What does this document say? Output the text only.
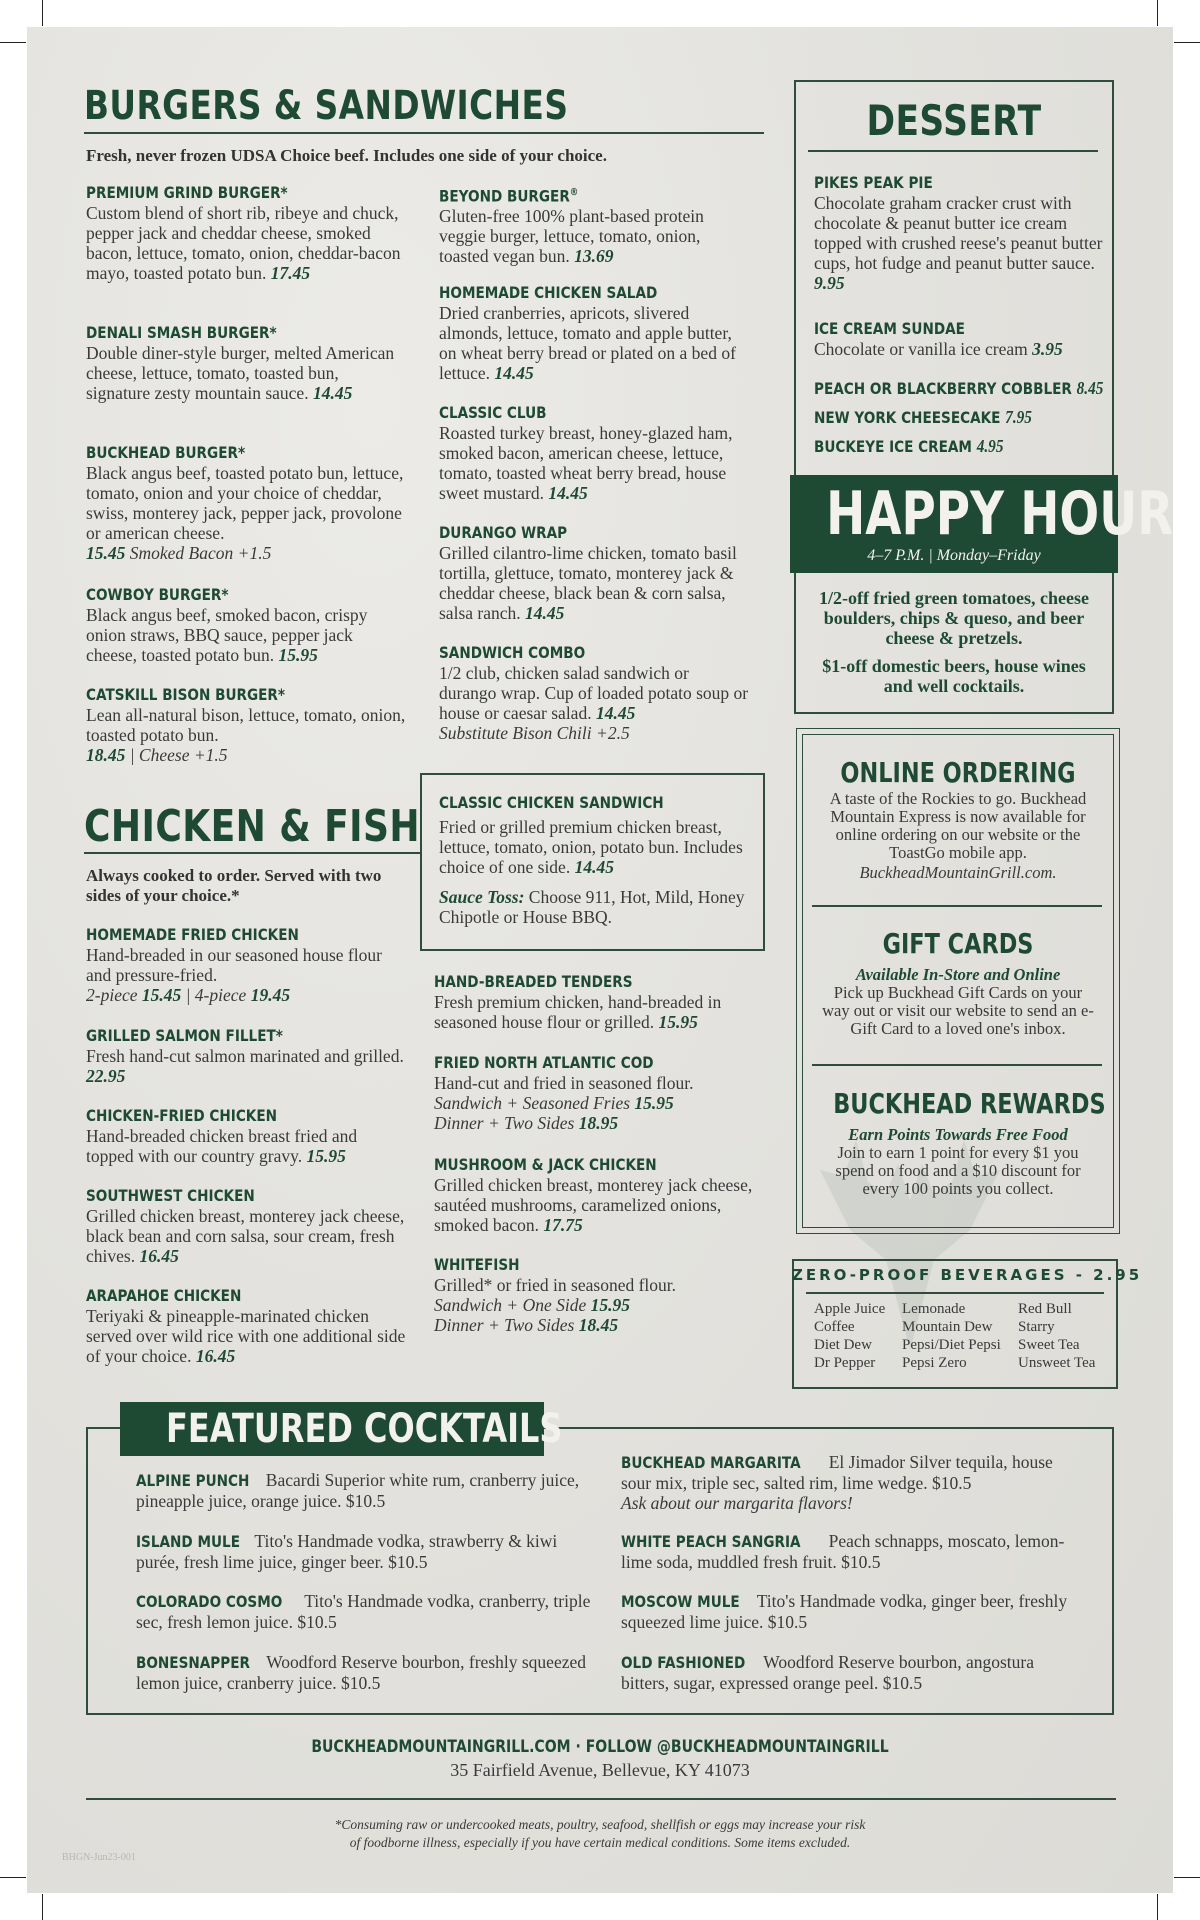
BURGERS & SANDWICHES
Fresh, never frozen UDSA Choice beef. Includes one side of your choice.
PREMIUM GRIND BURGER*
Custom blend of short rib, ribeye and chuck, pepper jack and cheddar cheese, smoked bacon, lettuce, tomato, onion, cheddar-bacon mayo, toasted potato bun. 17.45
DENALI SMASH BURGER*
Double diner-style burger, melted American cheese, lettuce, tomato, toasted bun, signature zesty mountain sauce. 14.45
BUCKHEAD BURGER*
Black angus beef, toasted potato bun, lettuce, tomato, onion and your choice of cheddar, swiss, monterey jack, pepper jack, provolone or american cheese.
15.45 Smoked Bacon +1.5
COWBOY BURGER*
Black angus beef, smoked bacon, crispy onion straws, BBQ sauce, pepper jack cheese, toasted potato bun. 15.95
CATSKILL BISON BURGER*
Lean all-natural bison, lettuce, tomato, onion, toasted potato bun.
18.45 | Cheese +1.5
BEYOND BURGER®
Gluten-free 100% plant-based protein veggie burger, lettuce, tomato, onion, toasted vegan bun. 13.69
HOMEMADE CHICKEN SALAD
Dried cranberries, apricots, slivered almonds, lettuce, tomato and apple butter, on wheat berry bread or plated on a bed of lettuce. 14.45
CLASSIC CLUB
Roasted turkey breast, honey-glazed ham, smoked bacon, american cheese, lettuce, tomato, toasted wheat berry bread, house sweet mustard. 14.45
DURANGO WRAP
Grilled cilantro-lime chicken, tomato basil tortilla, glettuce, tomato, monterey jack & cheddar cheese, black bean & corn salsa, salsa ranch. 14.45
SANDWICH COMBO
1/2 club, chicken salad sandwich or durango wrap. Cup of loaded potato soup or house or caesar salad. 14.45
Substitute Bison Chili +2.5
CLASSIC CHICKEN SANDWICH
Fried or grilled premium chicken breast, lettuce, tomato, onion, potato bun. Includes choice of one side. 14.45
Sauce Toss: Choose 911, Hot, Mild, Honey Chipotle or House BBQ.
CHICKEN & FISH
Always cooked to order. Served with two sides of your choice.*
HOMEMADE FRIED CHICKEN
Hand-breaded in our seasoned house flour and pressure-fried.
2-piece 15.45 | 4-piece 19.45
GRILLED SALMON FILLET*
Fresh hand-cut salmon marinated and grilled. 22.95
CHICKEN-FRIED CHICKEN
Hand-breaded chicken breast fried and topped with our country gravy. 15.95
SOUTHWEST CHICKEN
Grilled chicken breast, monterey jack cheese, black bean and corn salsa, sour cream, fresh chives. 16.45
ARAPAHOE CHICKEN
Teriyaki & pineapple-marinated chicken served over wild rice with one additional side of your choice. 16.45
HAND-BREADED TENDERS
Fresh premium chicken, hand-breaded in seasoned house flour or grilled. 15.95
FRIED NORTH ATLANTIC COD
Hand-cut and fried in seasoned flour.
Sandwich + Seasoned Fries 15.95
Dinner + Two Sides 18.95
MUSHROOM & JACK CHICKEN
Grilled chicken breast, monterey jack cheese, sautéed mushrooms, caramelized onions, smoked bacon. 17.75
WHITEFISH
Grilled* or fried in seasoned flour.
Sandwich + One Side 15.95
Dinner + Two Sides 18.45
DESSERT
PIKES PEAK PIE
Chocolate graham cracker crust with chocolate & peanut butter ice cream topped with crushed reese's peanut butter cups, hot fudge and peanut butter sauce. 9.95
ICE CREAM SUNDAE
Chocolate or vanilla ice cream 3.95
PEACH OR BLACKBERRY COBBLER 8.45
NEW YORK CHEESECAKE 7.95
BUCKEYE ICE CREAM 4.95
HAPPY HOUR
4–7 P.M. | Monday–Friday
1/2-off fried green tomatoes, cheese boulders, chips & queso, and beer cheese & pretzels.
$1-off domestic beers, house wines and well cocktails.
ONLINE ORDERING
A taste of the Rockies to go. Buckhead Mountain Express is now available for online ordering on our website or the ToastGo mobile app.
BuckheadMountainGrill.com.
GIFT CARDS
Available In-Store and Online
Pick up Buckhead Gift Cards on your way out or visit our website to send an e-Gift Card to a loved one's inbox.
BUCKHEAD REWARDS
Earn Points Towards Free Food
Join to earn 1 point for every $1 you spend on food and a $10 discount for every 100 points you collect.
ZERO-PROOF BEVERAGES - 2.95
Apple Juice
Coffee
Diet Dew
Dr Pepper
Lemonade
Mountain Dew
Pepsi/Diet Pepsi
Pepsi Zero
Red Bull
Starry
Sweet Tea
Unsweet Tea
FEATURED COCKTAILS
ALPINE PUNCH Bacardi Superior white rum, cranberry juice, pineapple juice, orange juice. $10.5
ISLAND MULE Tito's Handmade vodka, strawberry & kiwi purée, fresh lime juice, ginger beer. $10.5
COLORADO COSMO Tito's Handmade vodka, cranberry, triple sec, fresh lemon juice. $10.5
BONESNAPPER Woodford Reserve bourbon, freshly squeezed lemon juice, cranberry juice. $10.5
BUCKHEAD MARGARITA El Jimador Silver tequila, house sour mix, triple sec, salted rim, lime wedge. $10.5
Ask about our margarita flavors!
WHITE PEACH SANGRIA Peach schnapps, moscato, lemon-lime soda, muddled fresh fruit. $10.5
MOSCOW MULE Tito's Handmade vodka, ginger beer, freshly squeezed lime juice. $10.5
OLD FASHIONED Woodford Reserve bourbon, angostura bitters, sugar, expressed orange peel. $10.5
BUCKHEADMOUNTAINGRILL.COM · FOLLOW @BUCKHEADMOUNTAINGRILL
35 Fairfield Avenue, Bellevue, KY 41073
*Consuming raw or undercooked meats, poultry, seafood, shellfish or eggs may increase your risk
of foodborne illness, especially if you have certain medical conditions. Some items excluded.
BHGN-Jun23-001
